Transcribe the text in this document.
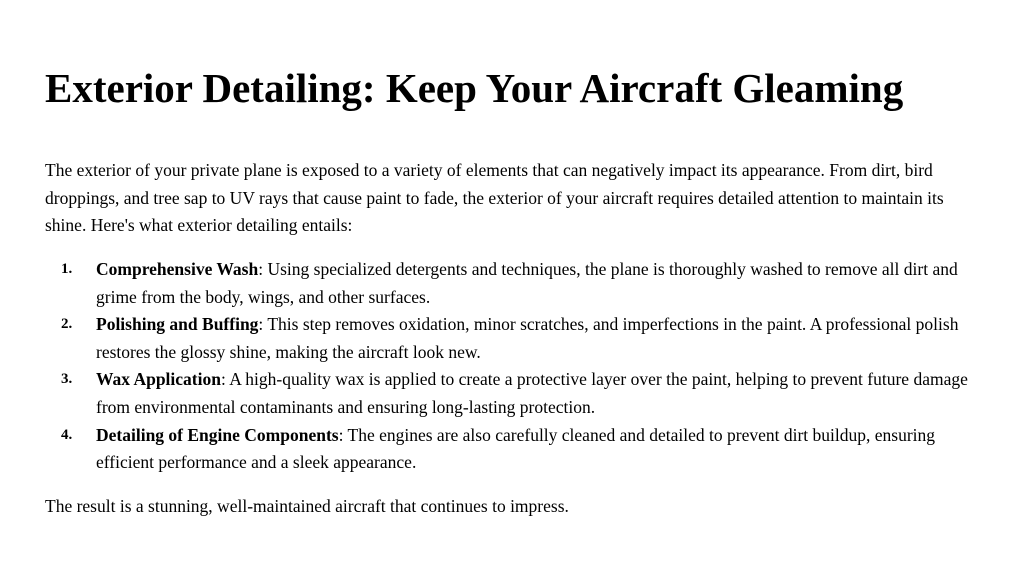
Exterior Detailing: Keep Your Aircraft Gleaming

The exterior of your private plane is exposed to a variety of elements that can negatively impact its appearance. From dirt, bird droppings, and tree sap to UV rays that cause paint to fade, the exterior of your aircraft requires detailed attention to maintain its shine. Here's what exterior detailing entails:

1. Comprehensive Wash: Using specialized detergents and techniques, the plane is thoroughly washed to remove all dirt and grime from the body, wings, and other surfaces.
2. Polishing and Buffing: This step removes oxidation, minor scratches, and imperfections in the paint. A professional polish restores the glossy shine, making the aircraft look new.
3. Wax Application: A high-quality wax is applied to create a protective layer over the paint, helping to prevent future damage from environmental contaminants and ensuring long-lasting protection.
4. Detailing of Engine Components: The engines are also carefully cleaned and detailed to prevent dirt buildup, ensuring efficient performance and a sleek appearance.

The result is a stunning, well-maintained aircraft that continues to impress.
